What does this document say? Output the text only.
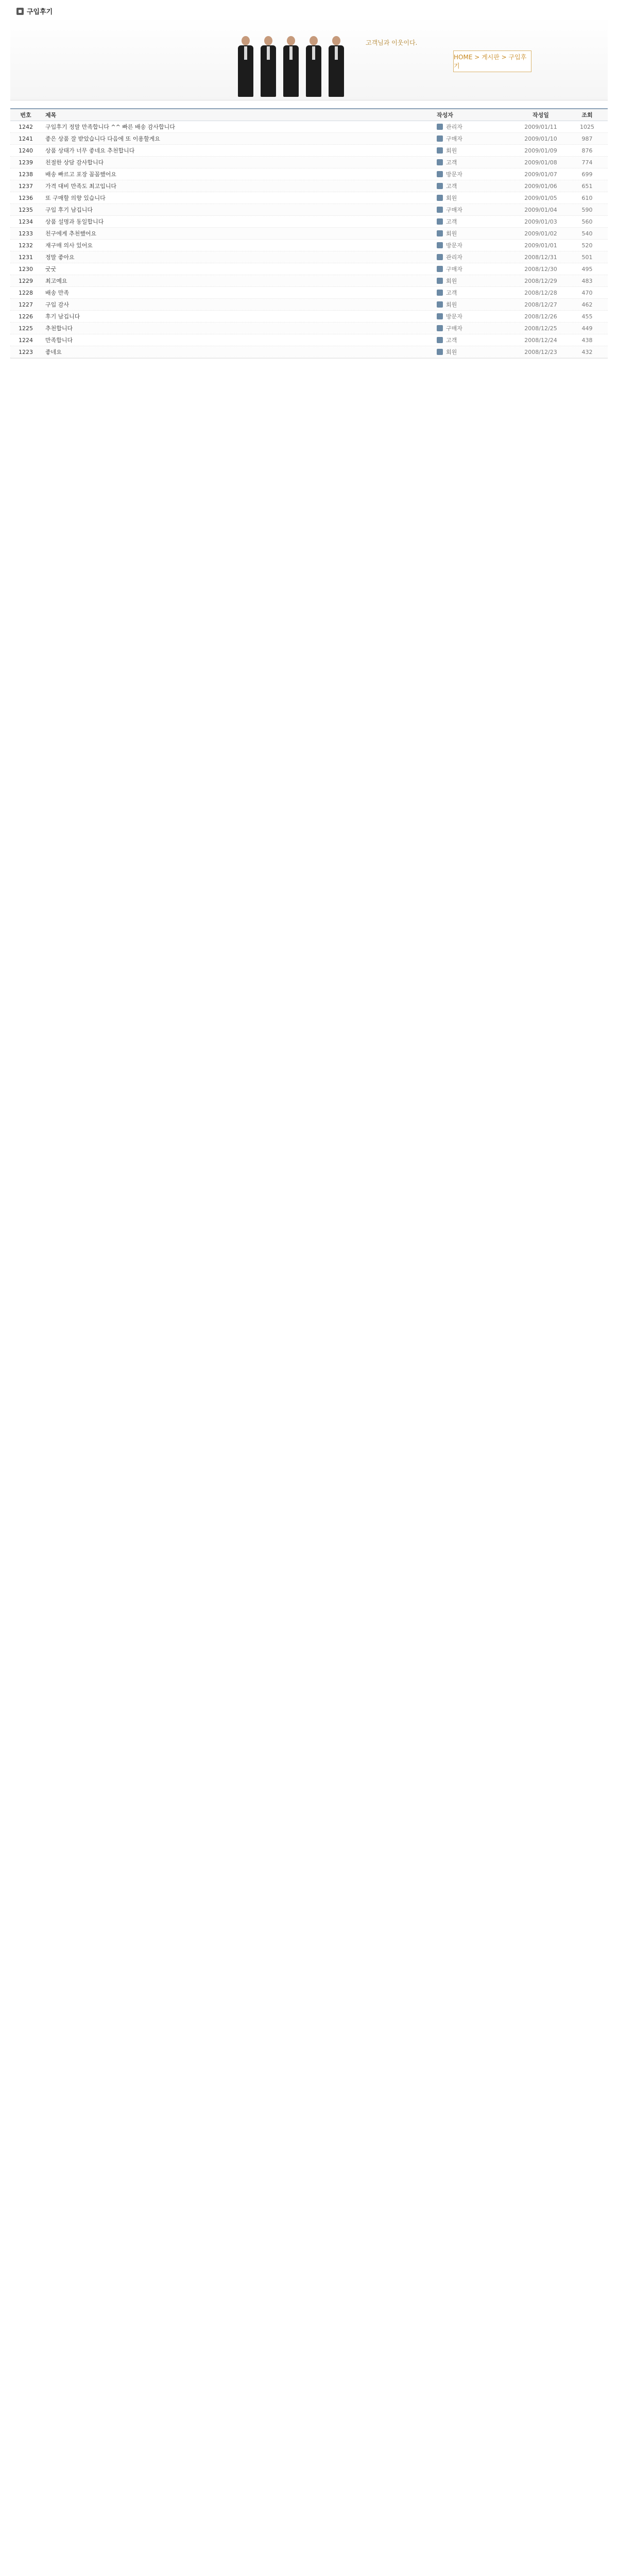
구입후기
고객님과 이웃이다.
HOME > 게시판 > 구입후기
번호	제목	작성자	작성일	조회
1242	구입후기 정말 만족합니다 ^^ 빠른 배송 감사합니다	관리자	2009/01/11	1025
1241	좋은 상품 잘 받았습니다 다음에 또 이용할게요	구매자	2009/01/10	987
1240	상품 상태가 너무 좋네요 추천합니다	회원	2009/01/09	876
1239	친절한 상담 감사합니다	고객	2009/01/08	774
1238	배송 빠르고 포장 꼼꼼했어요	방문자	2009/01/07	699
1237	가격 대비 만족도 최고입니다	고객	2009/01/06	651
1236	또 구매할 의향 있습니다	회원	2009/01/05	610
1235	구입 후기 남깁니다	구매자	2009/01/04	590
1234	상품 설명과 동일합니다	고객	2009/01/03	560
1233	친구에게 추천했어요	회원	2009/01/02	540
1232	재구매 의사 있어요	방문자	2009/01/01	520
1231	정말 좋아요	관리자	2008/12/31	501
1230	굿굿	구매자	2008/12/30	495
1229	최고예요	회원	2008/12/29	483
1228	배송 만족	고객	2008/12/28	470
1227	구입 감사	회원	2008/12/27	462
1226	후기 남깁니다	방문자	2008/12/26	455
1225	추천합니다	구매자	2008/12/25	449
1224	만족합니다	고객	2008/12/24	438
1223	좋네요	회원	2008/12/23	432
